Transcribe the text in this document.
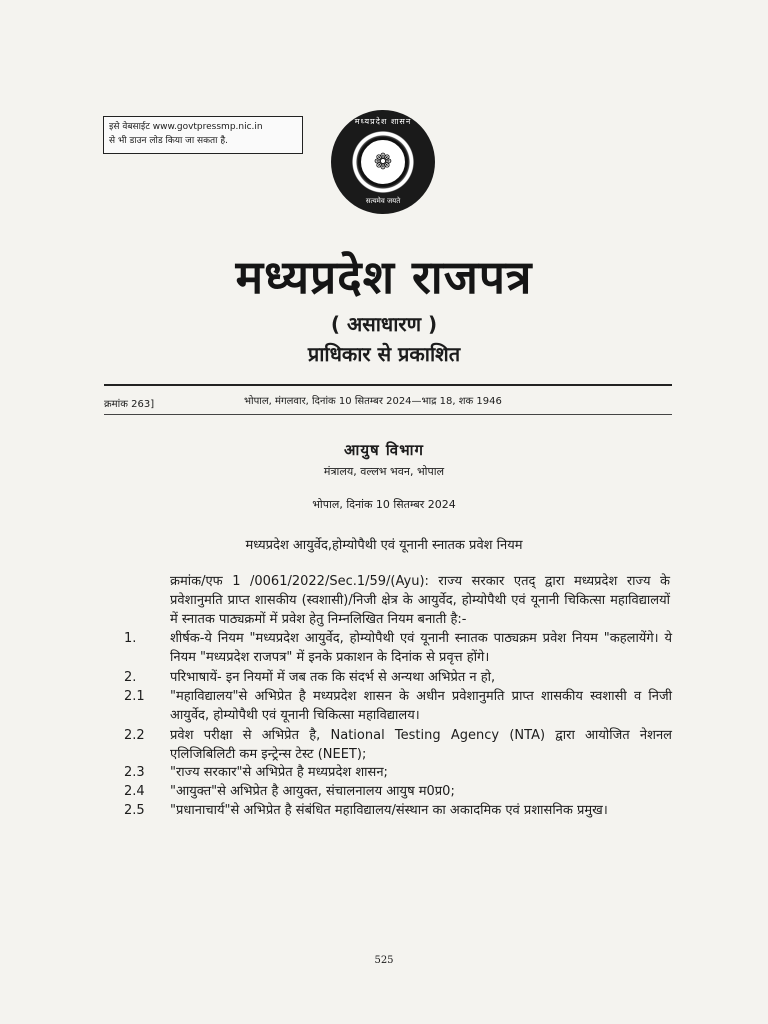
इसे वेबसाईट www.govtpressmp.nic.in
से भी डाउन लोड किया जा सकता है.
मध्यप्रदेश शासन
❁
सत्यमेव जयते
मध्यप्रदेश राजपत्र
( असाधारण )
प्राधिकार से प्रकाशित
क्रमांक 263]	भोपाल, मंगलवार, दिनांक 10 सितम्बर 2024—भाद्र 18, शक 1946
आयुष विभाग
मंत्रालय, वल्लभ भवन, भोपाल
भोपाल, दिनांक 10 सितम्बर 2024
मध्यप्रदेश आयुर्वेद,होम्योपैथी एवं यूनानी स्नातक प्रवेश नियम
क्रमांक/एफ 1 /0061/2022/Sec.1/59/(Ayu): राज्य सरकार एतद् द्वारा मध्यप्रदेश राज्य के प्रवेशानुमति प्राप्त शासकीय (स्वशासी)/निजी क्षेत्र के आयुर्वेद, होम्योपैथी एवं यूनानी चिकित्सा महाविद्यालयों में स्नातक पाठ्यक्रमों में प्रवेश हेतु निम्नलिखित नियम बनाती है:-
1.	शीर्षक-ये नियम "मध्यप्रदेश आयुर्वेद, होम्योपैथी एवं यूनानी स्नातक पाठ्यक्रम प्रवेश नियम "कहलायेंगे। ये नियम "मध्यप्रदेश राजपत्र" में इनके प्रकाशन के दिनांक से प्रवृत्त होंगे।
2.	परिभाषायें- इन नियमों में जब तक कि संदर्भ से अन्यथा अभिप्रेत न हो,
2.1	"महाविद्यालय"से अभिप्रेत है मध्यप्रदेश शासन के अधीन प्रवेशानुमति प्राप्त शासकीय स्वशासी व निजी आयुर्वेद, होम्योपैथी एवं यूनानी चिकित्सा महाविद्यालय।
2.2	प्रवेश परीक्षा से अभिप्रेत है, National Testing Agency (NTA) द्वारा आयोजित नेशनल एलिजिबिलिटी कम इन्ट्रेन्स टेस्ट (NEET);
2.3	"राज्य सरकार"से अभिप्रेत है मध्यप्रदेश शासन;
2.4	"आयुक्त"से अभिप्रेत है आयुक्त, संचालनालय आयुष म0प्र0;
2.5	"प्रधानाचार्य"से अभिप्रेत है संबंधित महाविद्यालय/संस्थान का अकादमिक एवं प्रशासनिक प्रमुख।
525
